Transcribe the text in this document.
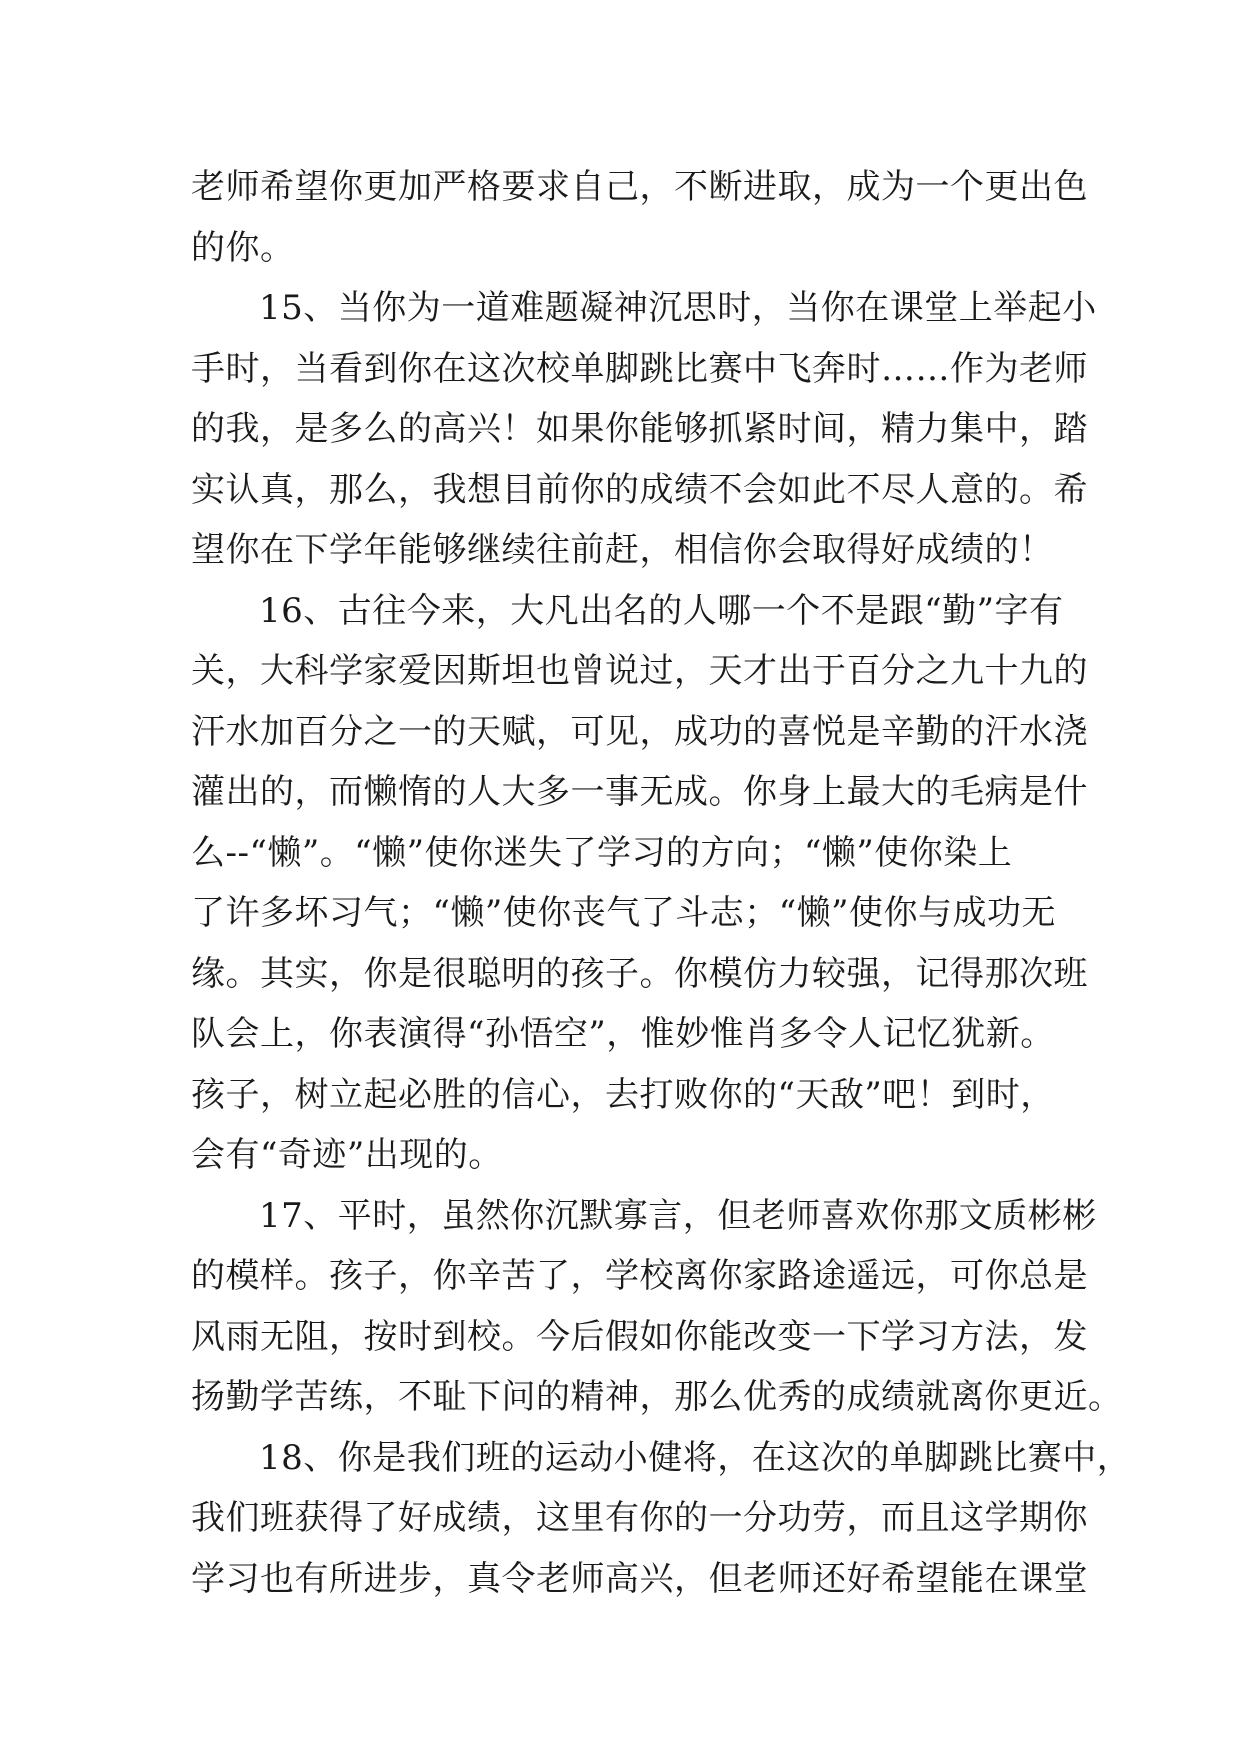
老师希望你更加严格要求自己，不断进取，成为一个更出色
的你。
15、当你为一道难题凝神沉思时，当你在课堂上举起小
手时，当看到你在这次校单脚跳比赛中飞奔时……作为老师
的我，是多么的高兴！如果你能够抓紧时间，精力集中，踏
实认真，那么，我想目前你的成绩不会如此不尽人意的。希
望你在下学年能够继续往前赶，相信你会取得好成绩的！
16、古往今来，大凡出名的人哪一个不是跟“勤”字有
关，大科学家爱因斯坦也曾说过，天才出于百分之九十九的
汗水加百分之一的天赋，可见，成功的喜悦是辛勤的汗水浇
灌出的，而懒惰的人大多一事无成。你身上最大的毛病是什
么--“懒”。“懒”使你迷失了学习的方向；“懒”使你染上
了许多坏习气；“懒”使你丧气了斗志；“懒”使你与成功无
缘。其实，你是很聪明的孩子。你模仿力较强，记得那次班
队会上，你表演得“孙悟空”，惟妙惟肖多令人记忆犹新。
孩子，树立起必胜的信心，去打败你的“天敌”吧！到时，
会有“奇迹”出现的。
17、平时，虽然你沉默寡言，但老师喜欢你那文质彬彬
的模样。孩子，你辛苦了，学校离你家路途遥远，可你总是
风雨无阻，按时到校。今后假如你能改变一下学习方法，发
扬勤学苦练，不耻下问的精神，那么优秀的成绩就离你更近。
18、你是我们班的运动小健将，在这次的单脚跳比赛中，
我们班获得了好成绩，这里有你的一分功劳，而且这学期你
学习也有所进步，真令老师高兴，但老师还好希望能在课堂
